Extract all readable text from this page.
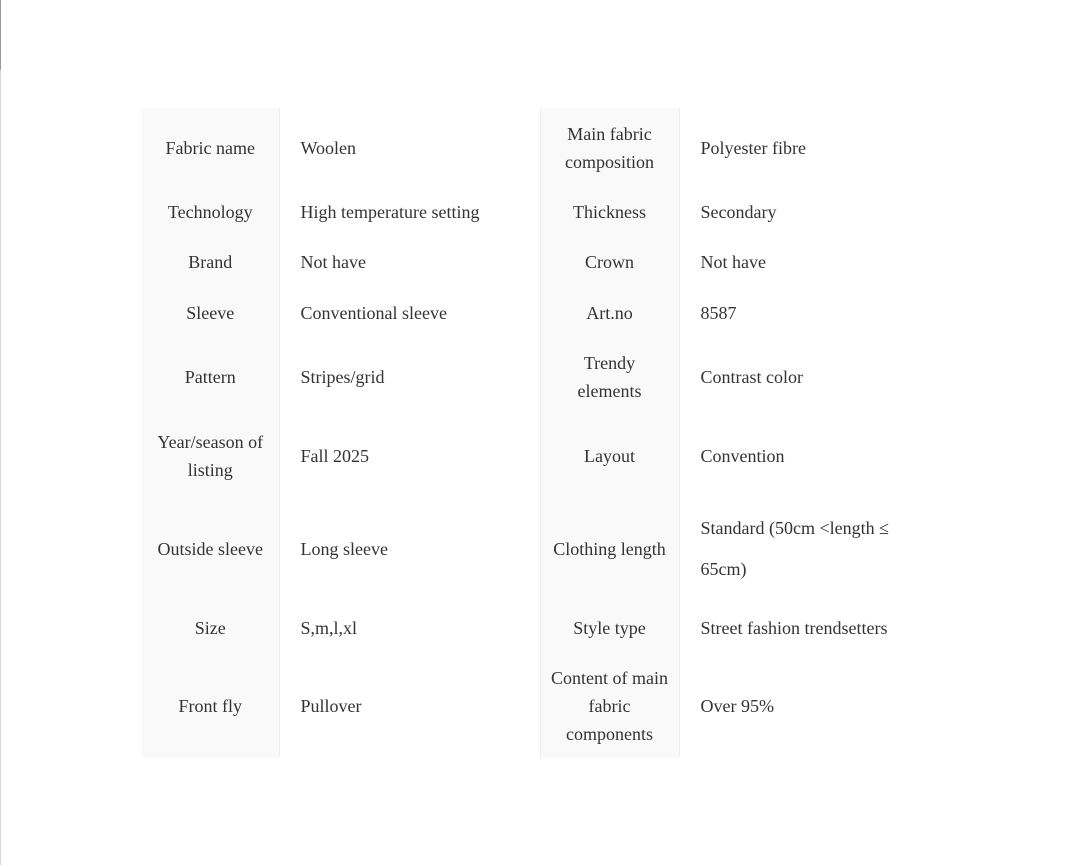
Fabric name	Woolen	Main fabric composition	Polyester fibre
Technology	High temperature setting	Thickness	Secondary
Brand	Not have	Crown	Not have
Sleeve	Conventional sleeve	Art.no	8587
Pattern	Stripes/grid	Trendy elements	Contrast color
Year/season of listing	Fall 2025	Layout	Convention
Outside sleeve	Long sleeve	Clothing length	Standard (50cm <length ≤ 65cm)
Size	S,m,l,xl	Style type	Street fashion trendsetters
Front fly	Pullover	Content of main fabric components	Over 95%
